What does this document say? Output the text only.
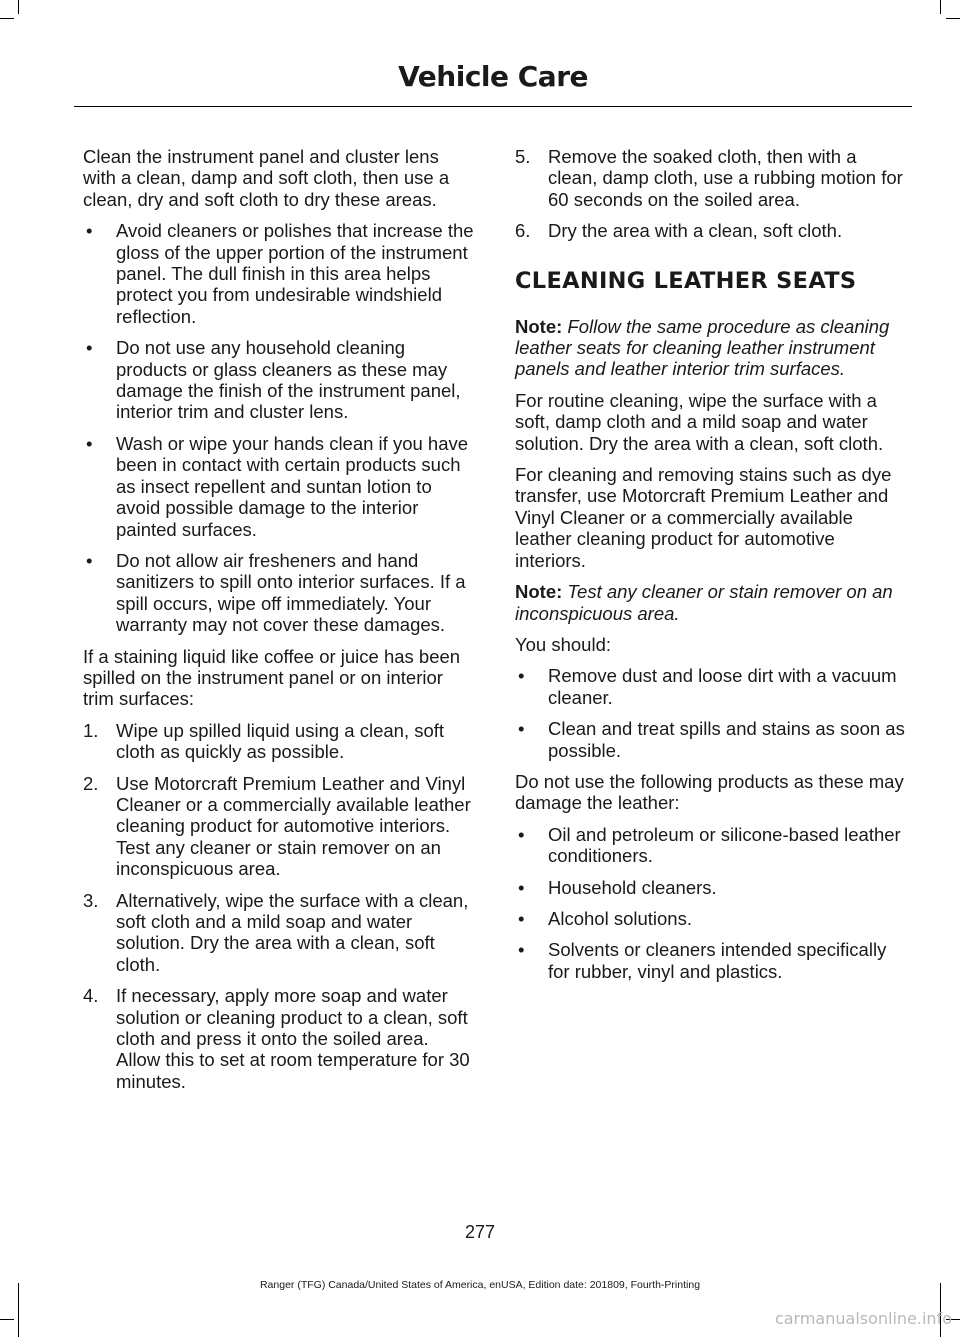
Vehicle Care

Clean the instrument panel and cluster lens with a clean, damp and soft cloth, then use a clean, dry and soft cloth to dry these areas.

• Avoid cleaners or polishes that increase the gloss of the upper portion of the instrument panel. The dull finish in this area helps protect you from undesirable windshield reflection.
• Do not use any household cleaning products or glass cleaners as these may damage the finish of the instrument panel, interior trim and cluster lens.
• Wash or wipe your hands clean if you have been in contact with certain products such as insect repellent and suntan lotion to avoid possible damage to the interior painted surfaces.
• Do not allow air fresheners and hand sanitizers to spill onto interior surfaces. If a spill occurs, wipe off immediately. Your warranty may not cover these damages.

If a staining liquid like coffee or juice has been spilled on the instrument panel or on interior trim surfaces:

1. Wipe up spilled liquid using a clean, soft cloth as quickly as possible.
2. Use Motorcraft Premium Leather and Vinyl Cleaner or a commercially available leather cleaning product for automotive interiors. Test any cleaner or stain remover on an inconspicuous area.
3. Alternatively, wipe the surface with a clean, soft cloth and a mild soap and water solution. Dry the area with a clean, soft cloth.
4. If necessary, apply more soap and water solution or cleaning product to a clean, soft cloth and press it onto the soiled area. Allow this to set at room temperature for 30 minutes.
5. Remove the soaked cloth, then with a clean, damp cloth, use a rubbing motion for 60 seconds on the soiled area.
6. Dry the area with a clean, soft cloth.
CLEANING LEATHER SEATS

Note: Follow the same procedure as cleaning leather seats for cleaning leather instrument panels and leather interior trim surfaces.

For routine cleaning, wipe the surface with a soft, damp cloth and a mild soap and water solution. Dry the area with a clean, soft cloth.

For cleaning and removing stains such as dye transfer, use Motorcraft Premium Leather and Vinyl Cleaner or a commercially available leather cleaning product for automotive interiors.

Note: Test any cleaner or stain remover on an inconspicuous area.

You should:

• Remove dust and loose dirt with a vacuum cleaner.
• Clean and treat spills and stains as soon as possible.

Do not use the following products as these may damage the leather:

• Oil and petroleum or silicone-based leather conditioners.
• Household cleaners.
• Alcohol solutions.
• Solvents or cleaners intended specifically for rubber, vinyl and plastics.
277
Ranger (TFG) Canada/United States of America, enUSA, Edition date: 201809, Fourth-Printing
carmanualsonline.info
